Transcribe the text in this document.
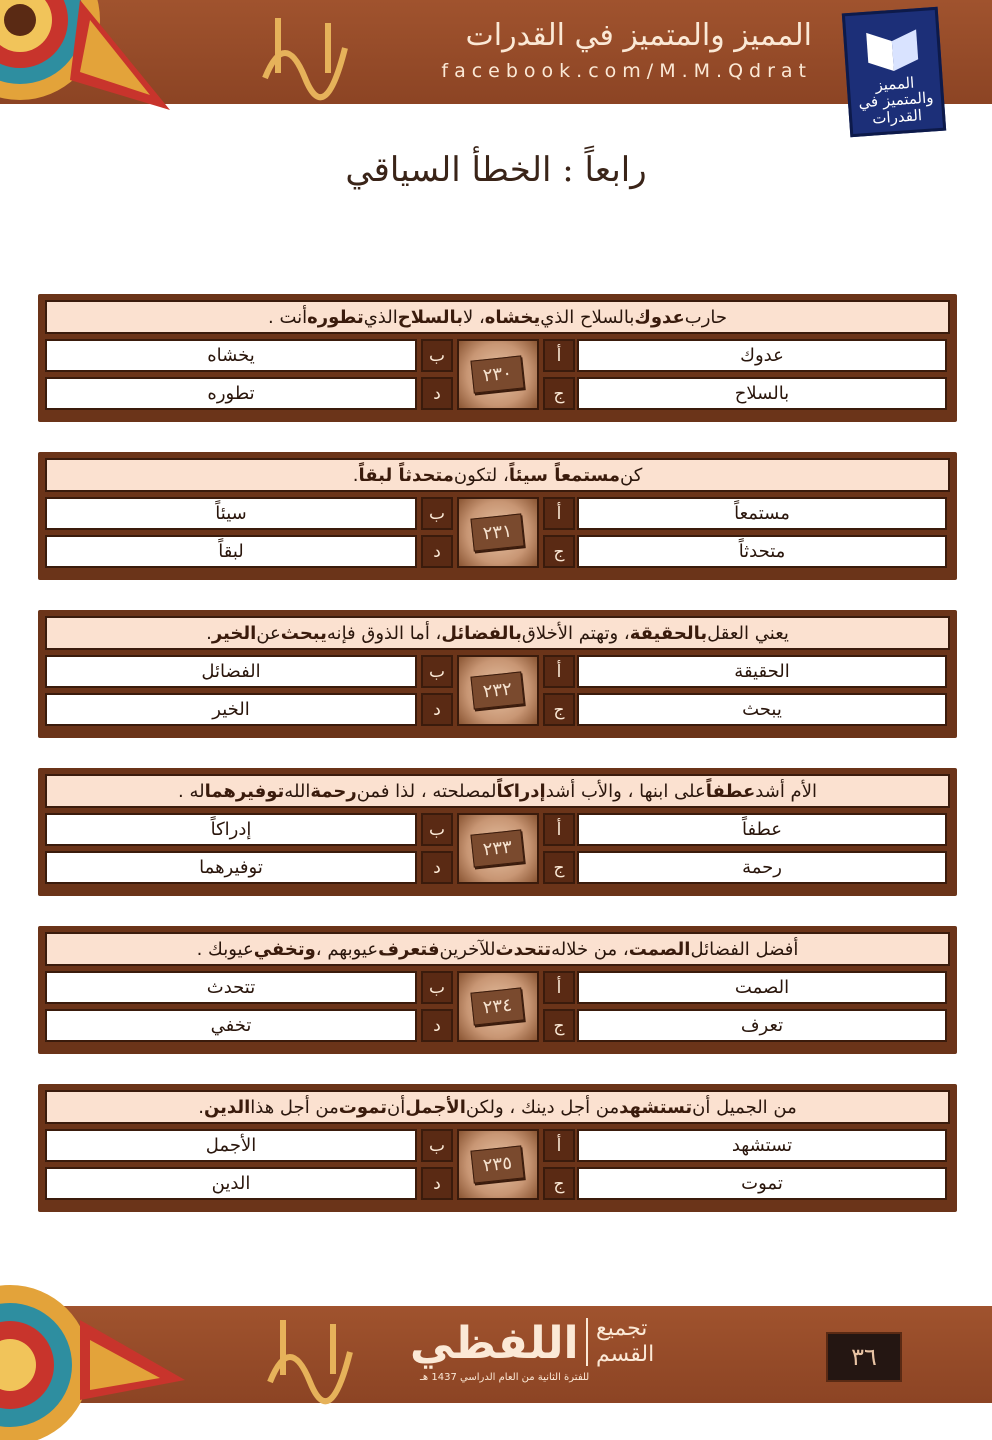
المميز والمتميز في القدرات
facebook.com/M.M.Qdrat
المميز والمتميز في القدرات
رابعاً : الخطأ السياقي
حارب
عدوك
بالسلاح الذي
يخشاه
، لا
بالسلاح
الذي
تطوره
أنت .
عدوك
أ
ب
يخشاه
بالسلاح
ج
د
تطوره
٢٣٠
كن
مستمعاً سيئاً
، لتكون
متحدثاً لبقاً
.
مستمعاً
أ
ب
سيئاً
متحدثاً
ج
د
لبقاً
٢٣١
يعني العقل
بالحقيقة
، وتهتم الأخلاق
بالفضائل
، أما الذوق فإنه
يبحث
عن
الخير
.
الحقيقة
أ
ب
الفضائل
يبحث
ج
د
الخير
٢٣٢
الأم أشد
عطفاً
على ابنها ، والأب أشد
إدراكاً
لمصلحته ، لذا فمن
رحمة
الله
توفيرهما
له .
عطفاً
أ
ب
إدراكاً
رحمة
ج
د
توفيرهما
٢٣٣
أفضل الفضائل
الصمت
، من خلاله
تتحدث
للآخرين
فتعرف
عيوبهم ،
وتخفي
عيوبك .
الصمت
أ
ب
تتحدث
تعرف
ج
د
تخفي
٢٣٤
من الجميل أن
تستشهد
من أجل دينك ، ولكن
الأجمل
أن
تموت
من أجل هذا
الدين
.
تستشهد
أ
ب
الأجمل
تموت
ج
د
الدين
٢٣٥
اللفظي تجميع
القسم
للفترة الثانية من العام الدراسي 1437 هـ
٣٦
